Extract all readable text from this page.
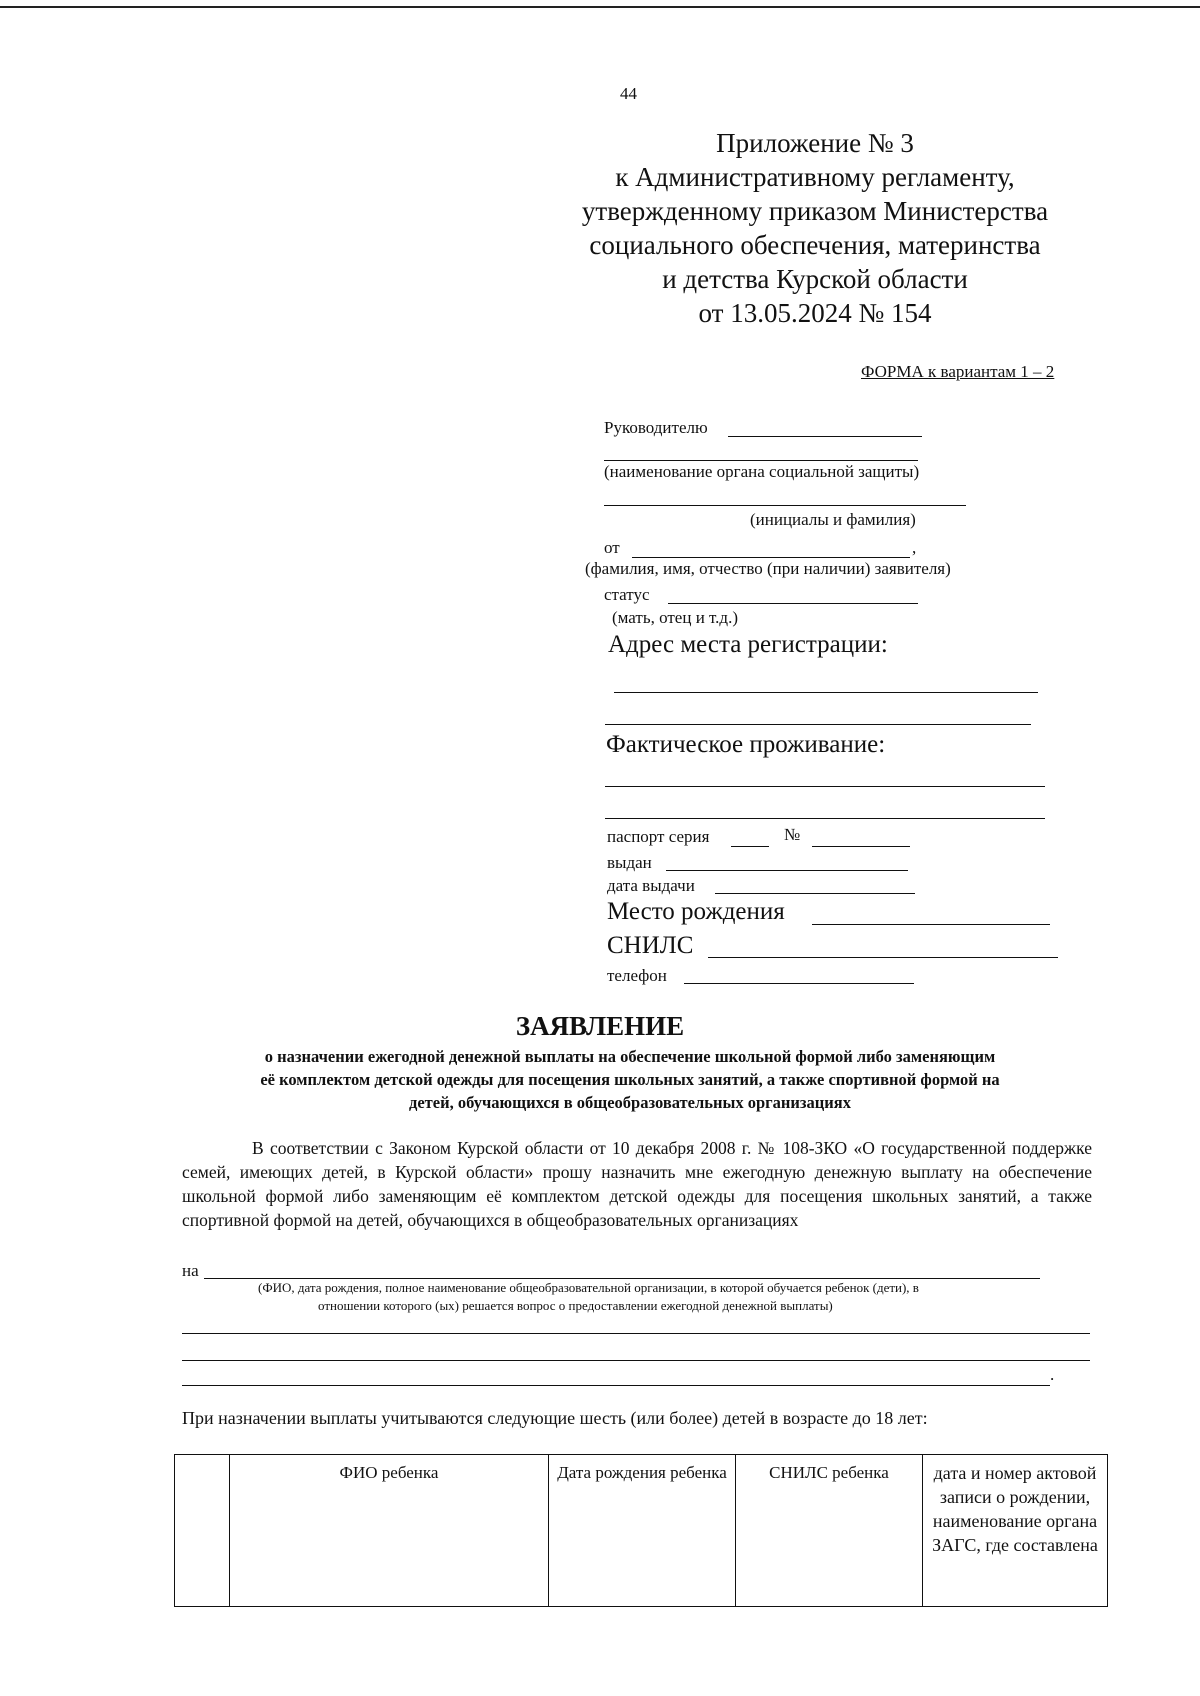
44
Приложение № 3
к Административному регламенту,
утвержденному приказом Министерства
социального обеспечения, материнства
и детства Курской области
от 13.05.2024 № 154
ФОРМА к вариантам 1 – 2
Руководителю
(наименование органа социальной защиты)
(инициалы и фамилия)
от	,
(фамилия, имя, отчество (при наличии) заявителя)
статус
(мать, отец и т.д.)
Адрес места регистрации:
Фактическое проживание:
паспорт серия	№
выдан
дата выдачи
Место рождения
СНИЛС
телефон
ЗАЯВЛЕНИЕ
о назначении ежегодной денежной выплаты на обеспечение школьной формой либо заменяющим
её комплектом детской одежды для посещения школьных занятий, а также спортивной формой на
детей, обучающихся в общеобразовательных организациях
В соответствии с Законом Курской области от 10 декабря 2008 г. № 108-ЗКО «О государственной поддержке семей, имеющих детей, в Курской области» прошу назначить мне ежегодную денежную выплату на обеспечение школьной формой либо заменяющим её комплектом детской одежды для посещения школьных занятий, а также спортивной формой на детей, обучающихся в общеобразовательных организациях
на
(ФИО, дата рождения, полное наименование общеобразовательной организации, в которой обучается ребенок (дети), в
отношении которого (ых) решается вопрос о предоставлении ежегодной денежной выплаты)
.
При назначении выплаты учитываются следующие шесть (или более) детей в возрасте до 18 лет:
	ФИО ребенка	Дата рождения ребенка	СНИЛС ребенка	дата и номер актовой записи о рождении, наименование органа ЗАГС, где составлена
